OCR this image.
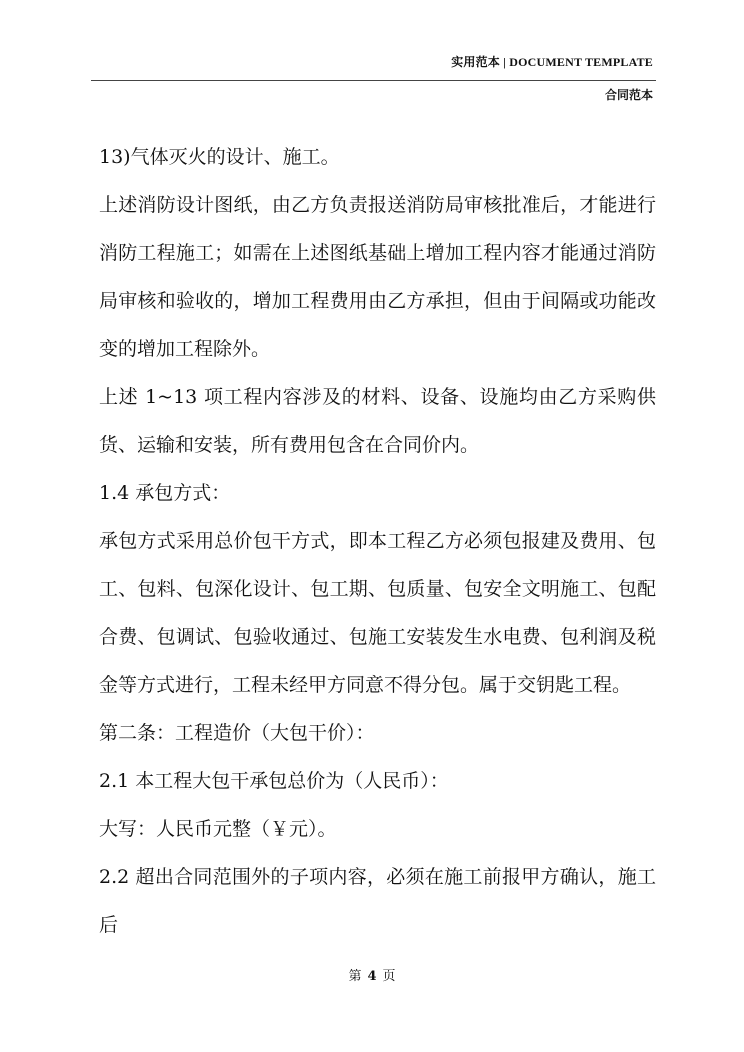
实用范本 | DOCUMENT TEMPLATE
合同范本

13)气体灭火的设计、施工。

上述消防设计图纸，由乙方负责报送消防局审核批准后，才能进行消防工程施工；如需在上述图纸基础上增加工程内容才能通过消防局审核和验收的，增加工程费用由乙方承担，但由于间隔或功能改变的增加工程除外。

上述 1~13 项工程内容涉及的材料、设备、设施均由乙方采购供货、运输和安装，所有费用包含在合同价内。

1.4 承包方式：

承包方式采用总价包干方式，即本工程乙方必须包报建及费用、包工、包料、包深化设计、包工期、包质量、包安全文明施工、包配合费、包调试、包验收通过、包施工安装发生水电费、包利润及税金等方式进行，工程未经甲方同意不得分包。属于交钥匙工程。

第二条：工程造价（大包干价）：

2.1 本工程大包干承包总价为（人民币）：

大写：人民币元整（￥元）。

2.2 超出合同范围外的子项内容，必须在施工前报甲方确认，施工后

第 4 页
